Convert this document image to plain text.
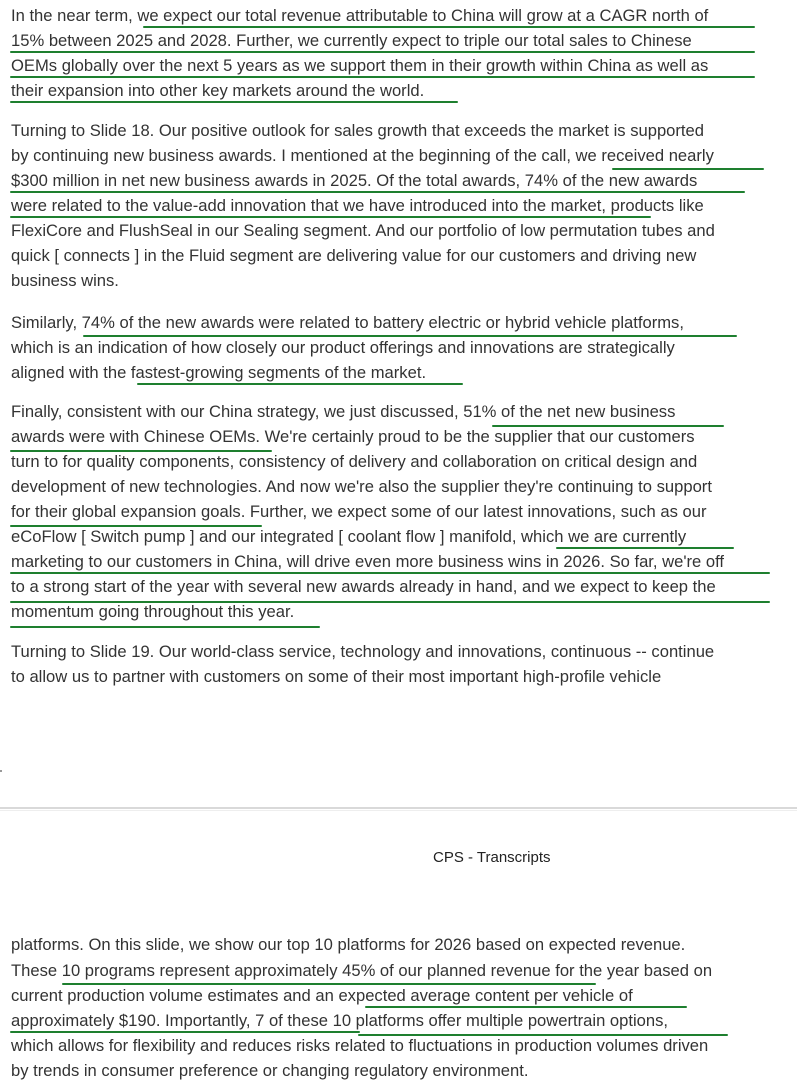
In the near term, we expect our total revenue attributable to China will grow at a CAGR north of
15% between 2025 and 2028. Further, we currently expect to triple our total sales to Chinese
OEMs globally over the next 5 years as we support them in their growth within China as well as
their expansion into other key markets around the world.
Turning to Slide 18. Our positive outlook for sales growth that exceeds the market is supported
by continuing new business awards. I mentioned at the beginning of the call, we received nearly
$300 million in net new business awards in 2025. Of the total awards, 74% of the new awards
were related to the value-add innovation that we have introduced into the market, products like
FlexiCore and FlushSeal in our Sealing segment. And our portfolio of low permutation tubes and
quick [ connects ] in the Fluid segment are delivering value for our customers and driving new
business wins.
Similarly, 74% of the new awards were related to battery electric or hybrid vehicle platforms,
which is an indication of how closely our product offerings and innovations are strategically
aligned with the fastest-growing segments of the market.
Finally, consistent with our China strategy, we just discussed, 51% of the net new business
awards were with Chinese OEMs. We're certainly proud to be the supplier that our customers
turn to for quality components, consistency of delivery and collaboration on critical design and
development of new technologies. And now we're also the supplier they're continuing to support
for their global expansion goals. Further, we expect some of our latest innovations, such as our
eCoFlow [ Switch pump ] and our integrated [ coolant flow ] manifold, which we are currently
marketing to our customers in China, will drive even more business wins in 2026. So far, we're off
to a strong start of the year with several new awards already in hand, and we expect to keep the
momentum going throughout this year.
Turning to Slide 19. Our world-class service, technology and innovations, continuous -- continue
to allow us to partner with customers on some of their most important high-profile vehicle
CPS - Transcripts
platforms. On this slide, we show our top 10 platforms for 2026 based on expected revenue.
These 10 programs represent approximately 45% of our planned revenue for the year based on
current production volume estimates and an expected average content per vehicle of
approximately $190. Importantly, 7 of these 10 platforms offer multiple powertrain options,
which allows for flexibility and reduces risks related to fluctuations in production volumes driven
by trends in consumer preference or changing regulatory environment.
